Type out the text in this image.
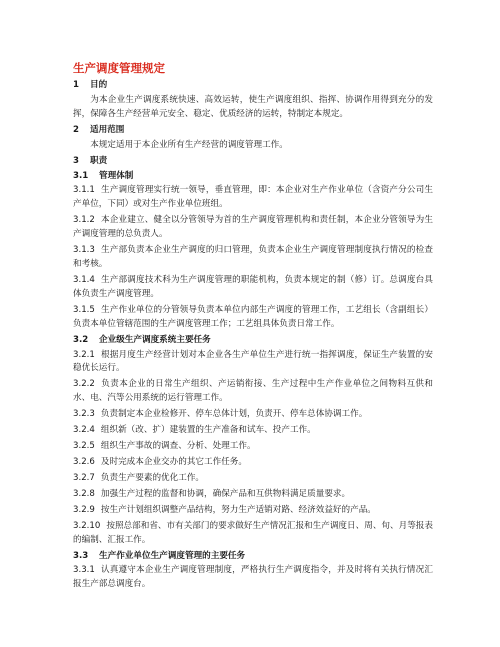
生产调度管理规定
1 目的
为本企业生产调度系统快速、高效运转，使生产调度组织、指挥、协调作用得到充分的发挥，保障各生产经营单元安全、稳定、优质经济的运转，特制定本规定。
2 适用范围
本规定适用于本企业所有生产经营的调度管理工作。
3 职责
3.1 管理体制
3.1.1 生产调度管理实行统一领导，垂直管理，即：本企业对生产作业单位（含资产分公司生产单位，下同）或对生产作业单位班组。
3.1.2 本企业建立、健全以分管领导为首的生产调度管理机构和责任制，本企业分管领导为生产调度管理的总负责人。
3.1.3 生产部负责本企业生产调度的归口管理，负责本企业生产调度管理制度执行情况的检查和考核。
3.1.4 生产部调度技术科为生产调度管理的职能机构，负责本规定的制（修）订。总调度台具体负责生产调度管理。
3.1.5 生产作业单位的分管领导负责本单位内部生产调度的管理工作，工艺组长（含副组长）负责本单位管辖范围的生产调度管理工作；工艺组具体负责日常工作。
3.2 企业级生产调度系统主要任务
3.2.1 根据月度生产经营计划对本企业各生产单位生产进行统一指挥调度，保证生产装置的安稳优长运行。
3.2.2 负责本企业的日常生产组织、产运销衔接、生产过程中生产作业单位之间物料互供和水、电、汽等公用系统的运行管理工作。
3.2.3 负责制定本企业检修开、停车总体计划，负责开、停车总体协调工作。
3.2.4 组织新（改、扩）建装置的生产准备和试车、投产工作。
3.2.5 组织生产事故的调查、分析、处理工作。
3.2.6 及时完成本企业交办的其它工作任务。
3.2.7 负责生产要素的优化工作。
3.2.8 加强生产过程的监督和协调，确保产品和互供物料满足质量要求。
3.2.9 按生产计划组织调整产品结构，努力生产适销对路、经济效益好的产品。
3.2.10 按照总部和省、市有关部门的要求做好生产情况汇报和生产调度日、周、旬、月等报表的编制、汇报工作。
3.3 生产作业单位生产调度管理的主要任务
3.3.1 认真遵守本企业生产调度管理制度，严格执行生产调度指令，并及时将有关执行情况汇报生产部总调度台。
